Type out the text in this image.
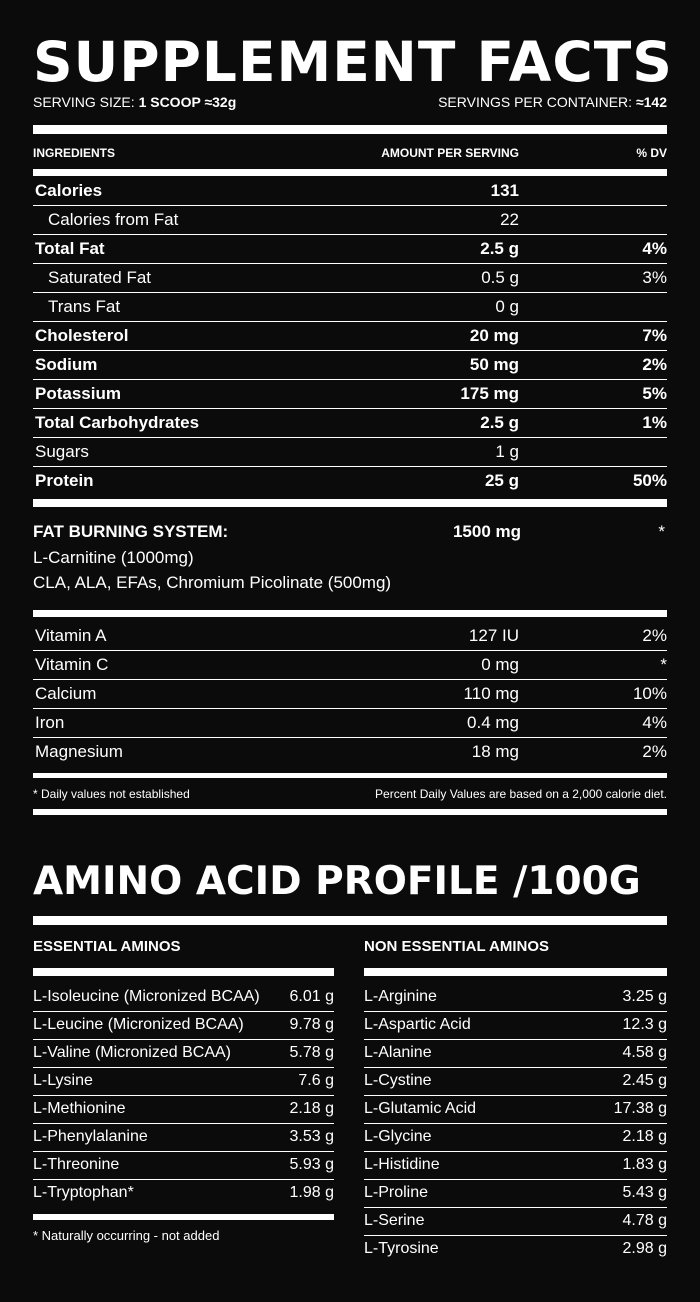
SUPPLEMENT FACTS
SERVING SIZE: 1 SCOOP ≈32g	SERVINGS PER CONTAINER: ≈142
INGREDIENTS	AMOUNT PER SERVING	% DV
Calories	131
Calories from Fat	22
Total Fat	2.5 g	4%
Saturated Fat	0.5 g	3%
Trans Fat	0 g
Cholesterol	20 mg	7%
Sodium	50 mg	2%
Potassium	175 mg	5%
Total Carbohydrates	2.5 g	1%
Sugars	1 g
Protein	25 g	50%
FAT BURNING SYSTEM:	1500 mg	*
L-Carnitine (1000mg)
CLA, ALA, EFAs, Chromium Picolinate (500mg)
Vitamin A	127 IU	2%
Vitamin C	0 mg	*
Calcium	110 mg	10%
Iron	0.4 mg	4%
Magnesium	18 mg	2%
* Daily values not established	Percent Daily Values are based on a 2,000 calorie diet.
AMINO ACID PROFILE /100G
ESSENTIAL AMINOS
L-Isoleucine (Micronized BCAA) 6.01 g
L-Leucine (Micronized BCAA)	9.78 g
L-Valine (Micronized BCAA)	5.78 g
L-Lysine	7.6 g
L-Methionine	2.18 g
L-Phenylalanine	3.53 g
L-Threonine	5.93 g
L-Tryptophan*	1.98 g
* Naturally occurring - not added
NON ESSENTIAL AMINOS
L-Arginine	3.25 g
L-Aspartic Acid	12.3 g
L-Alanine	4.58 g
L-Cystine	2.45 g
L-Glutamic Acid	17.38 g
L-Glycine	2.18 g
L-Histidine	1.83 g
L-Proline	5.43 g
L-Serine	4.78 g
L-Tyrosine	2.98 g
